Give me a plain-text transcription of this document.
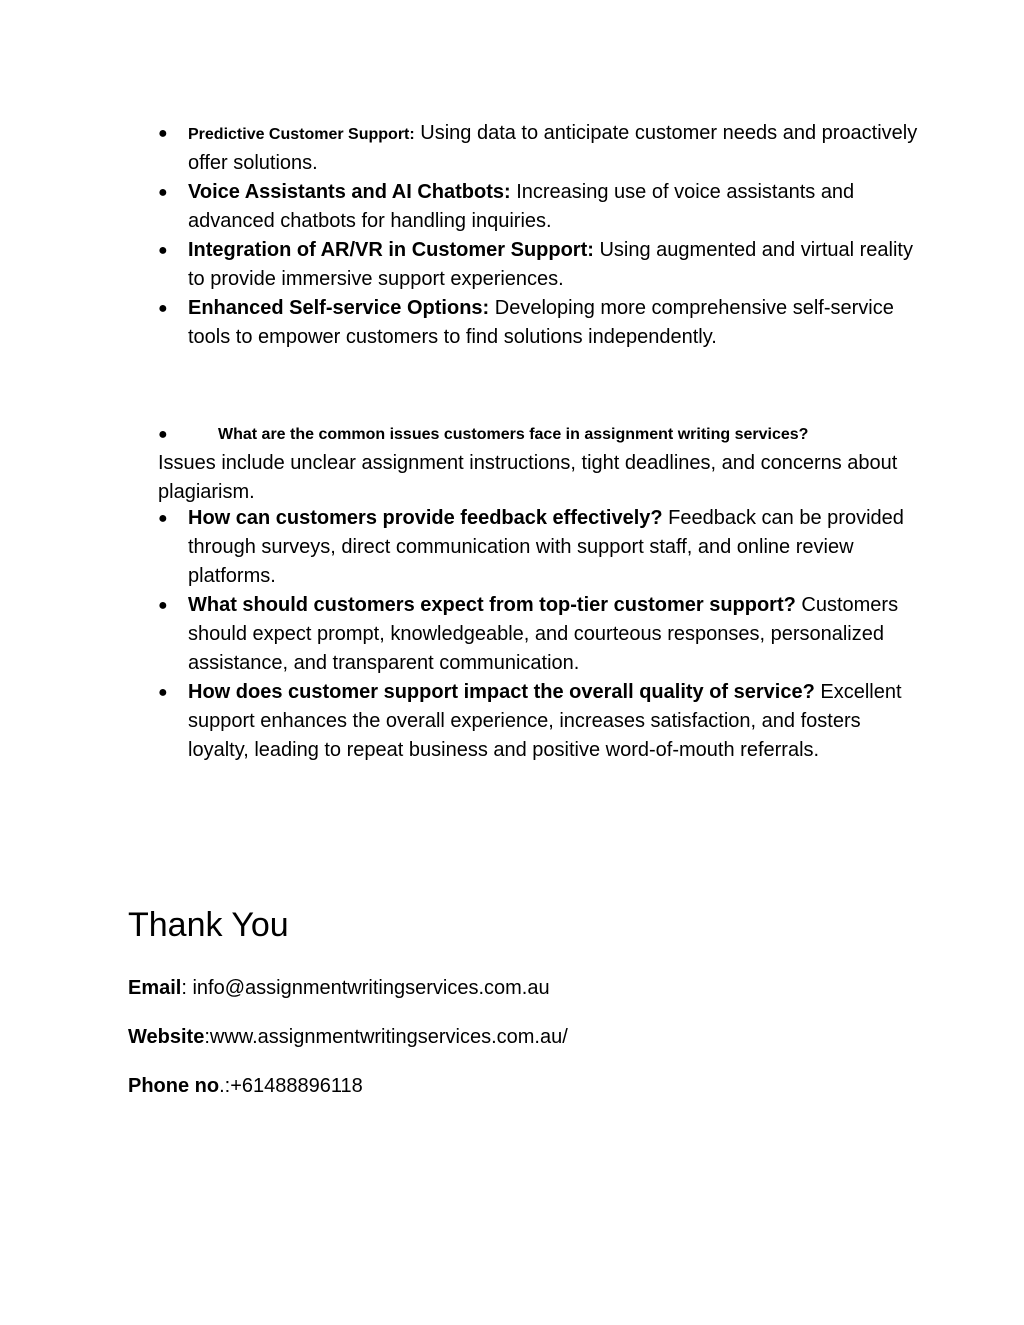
●	Predictive Customer Support: Using data to anticipate customer needs and proactively offer solutions.
●	Voice Assistants and AI Chatbots: Increasing use of voice assistants and advanced chatbots for handling inquiries.
●	Integration of AR/VR in Customer Support: Using augmented and virtual reality to provide immersive support experiences.
●	Enhanced Self-service Options: Developing more comprehensive self-service tools to empower customers to find solutions independently.
●	What are the common issues customers face in assignment writing services?
Issues include unclear assignment instructions, tight deadlines, and concerns about plagiarism.
●	How can customers provide feedback effectively? Feedback can be provided through surveys, direct communication with support staff, and online review platforms.
●	What should customers expect from top-tier customer support? Customers should expect prompt, knowledgeable, and courteous responses, personalized assistance, and transparent communication.
●	How does customer support impact the overall quality of service? Excellent support enhances the overall experience, increases satisfaction, and fosters loyalty, leading to repeat business and positive word-of-mouth referrals.
Thank You

Email: info@assignmentwritingservices.com.au

Website:www.assignmentwritingservices.com.au/

Phone no.:+61488896118
